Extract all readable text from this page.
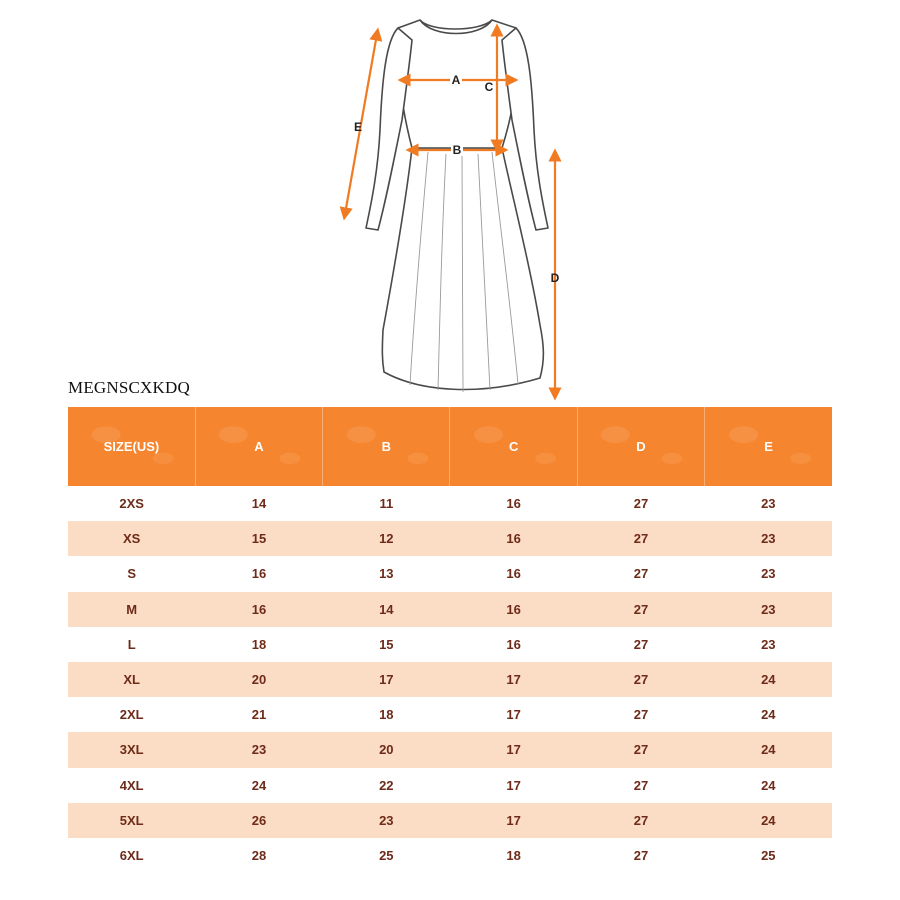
A
B
C
D
E
MEGNSCXKDQ
SIZE(US)	A	B	C	D	E
2XS	14	11	16	27	23
XS	15	12	16	27	23
S	16	13	16	27	23
M	16	14	16	27	23
L	18	15	16	27	23
XL	20	17	17	27	24
2XL	21	18	17	27	24
3XL	23	20	17	27	24
4XL	24	22	17	27	24
5XL	26	23	17	27	24
6XL	28	25	18	27	25
